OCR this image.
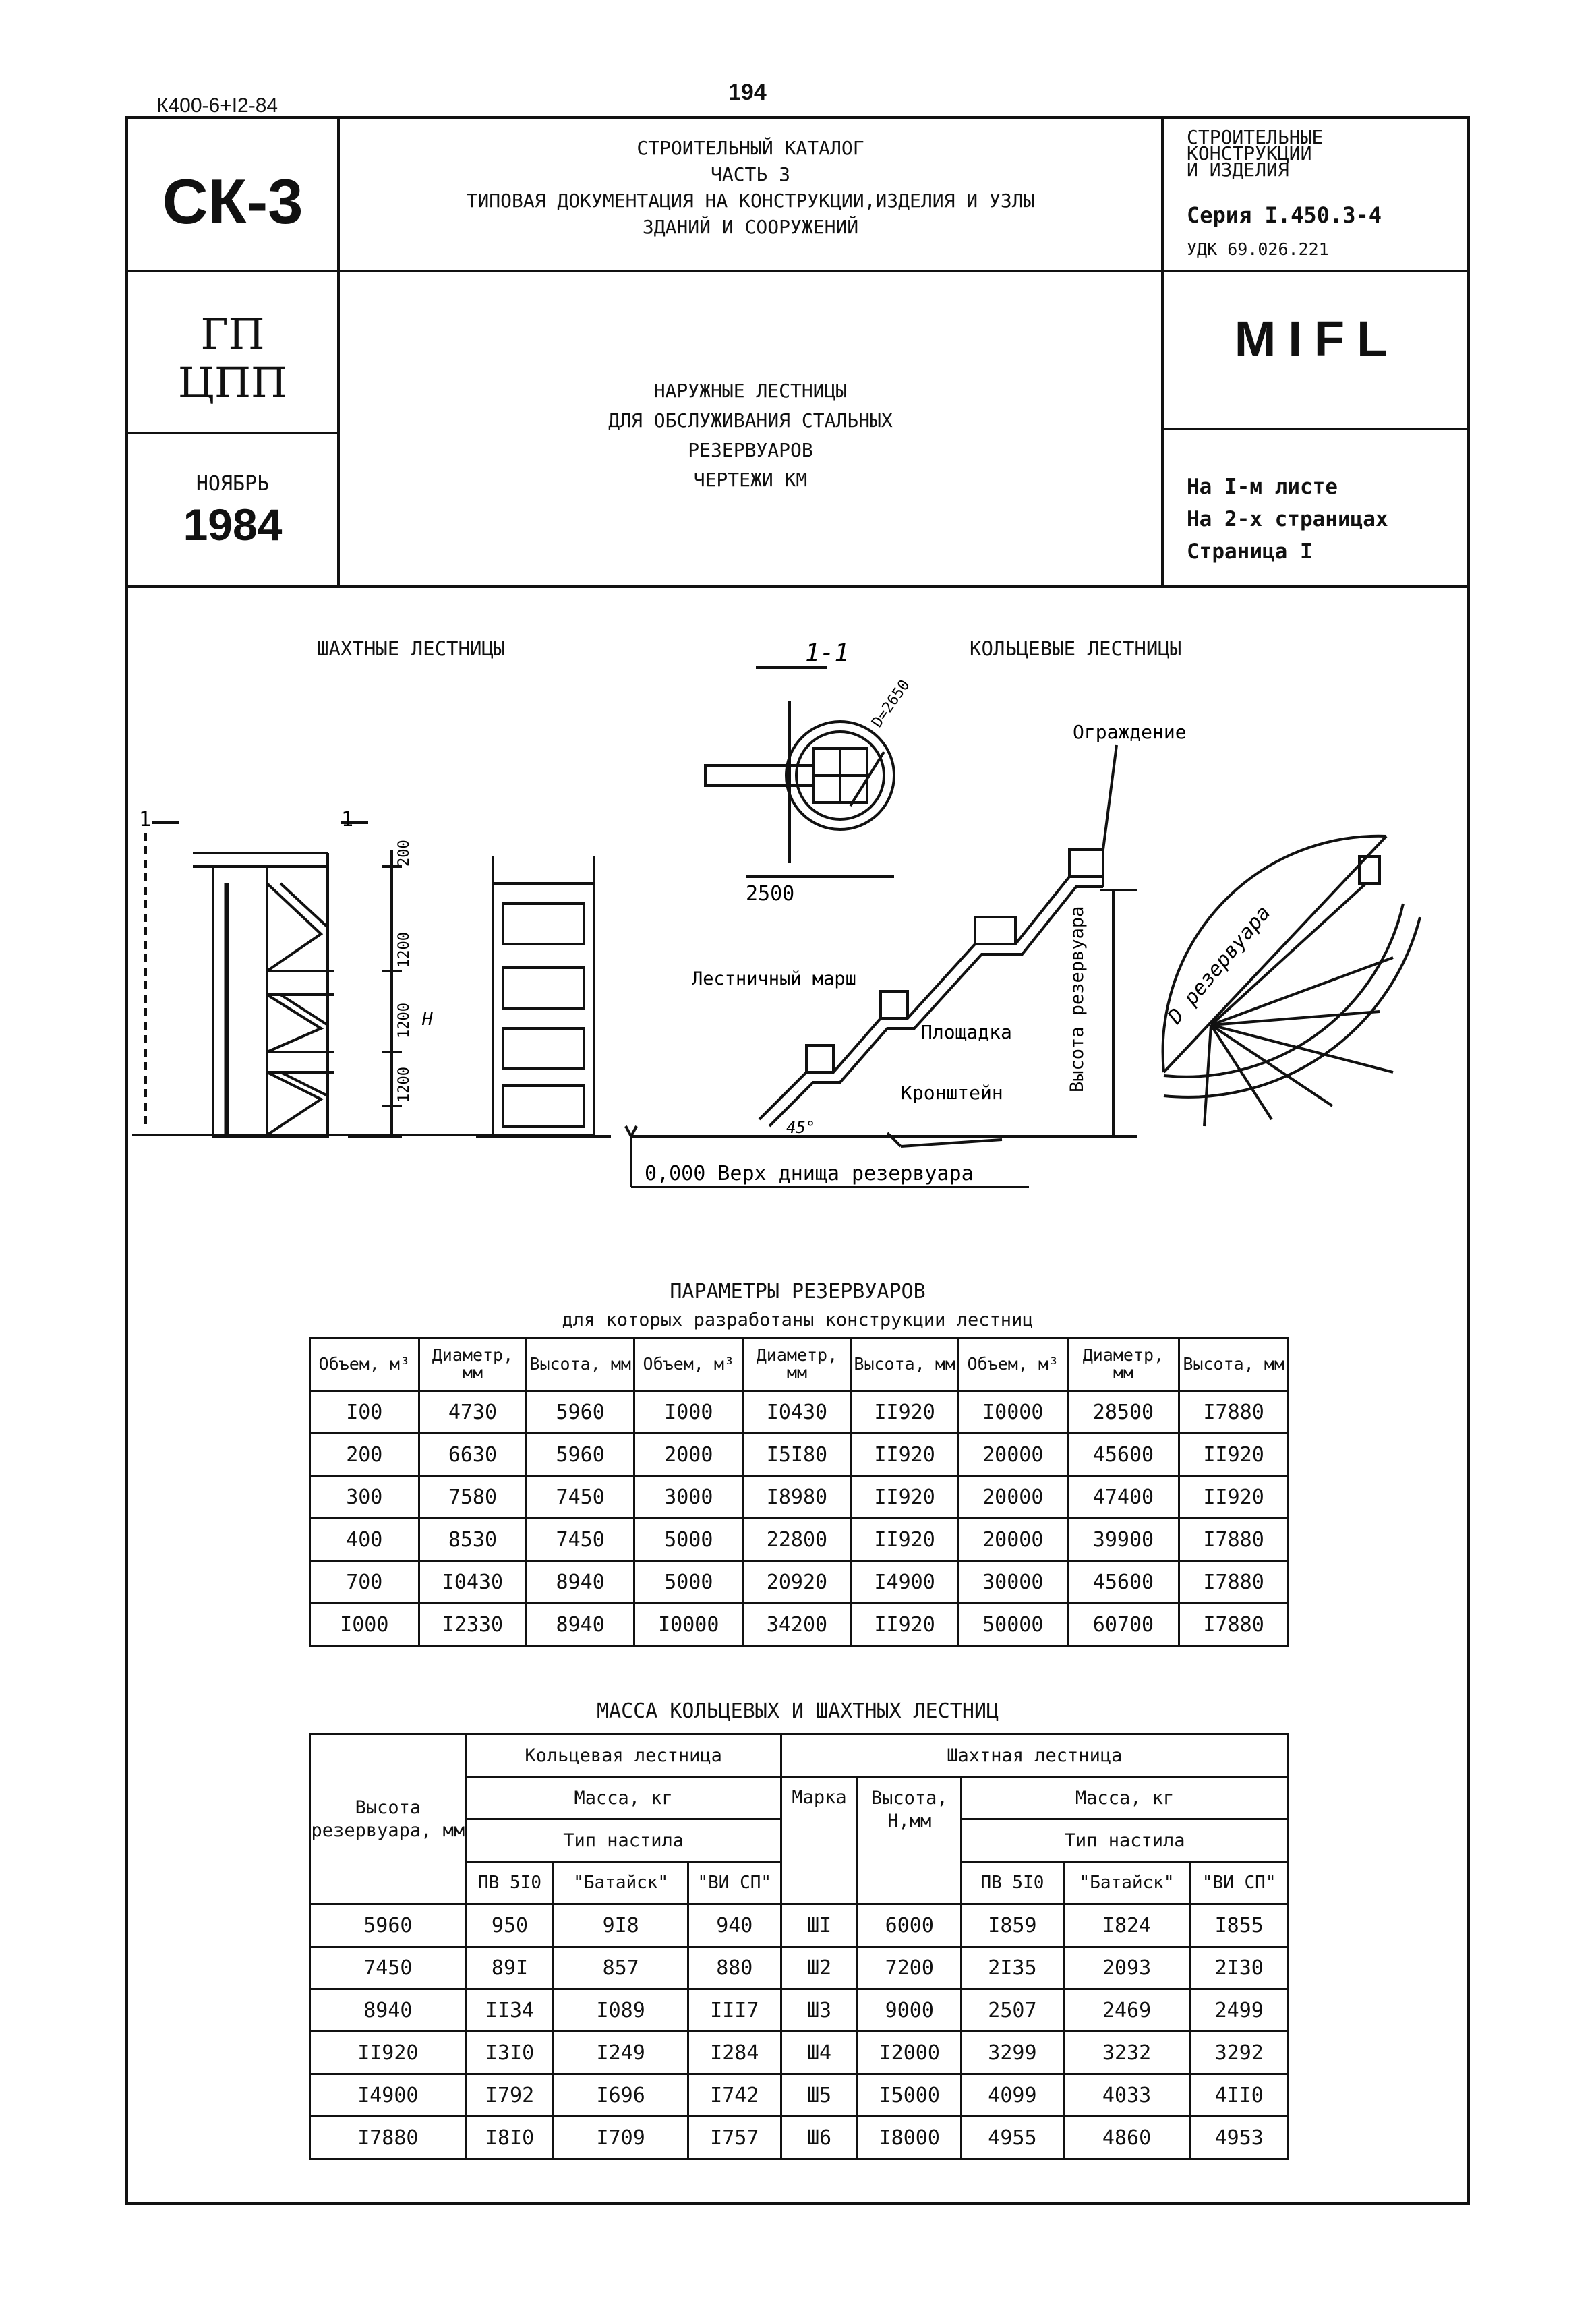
К400-6+I2-84
194
СК-3
СТРОИТЕЛЬНЫЙ КАТАЛОГ
ЧАСТЬ 3
ТИПОВАЯ ДОКУМЕНТАЦИЯ НА КОНСТРУКЦИИ,ИЗДЕЛИЯ И УЗЛЫ
ЗДАНИЙ И СООРУЖЕНИЙ
СТРОИТЕЛЬНЫЕ
КОНСТРУКЦИИ
И ИЗДЕЛИЯ
Серия I.450.3-4
УДК 69.026.221
ГП
ЦПП
НОЯБРЬ
1984
НАРУЖНЫЕ ЛЕСТНИЦЫ
ДЛЯ ОБСЛУЖИВАНИЯ СТАЛЬНЫХ
РЕЗЕРВУАРОВ
ЧЕРТЕЖИ КМ
MIFL
На I-м листе
На 2-х страницах
Страница I
ШАХТНЫЕ ЛЕСТНИЦЫ	КОЛЬЦЕВЫЕ ЛЕСТНИЦЫ
1-1
D=2650
2500
1	1
200
1200
1200
1200
H
Ограждение
Лестничный марш
Площадка
Кронштейн
45°
Высота резервуара	D резервуара
0,000 Верх днища резервуара
ПАРАМЕТРЫ РЕЗЕРВУАРОВ
для которых разработаны конструкции лестниц
Объем, м³	Диаметр, мм	Высота, мм	Объем, м³	Диаметр, мм	Высота, мм	Объем, м³	Диаметр, мм	Высота, мм
I00	4730	5960	I000	I0430	II920	I0000	28500	I7880
200	6630	5960	2000	I5I80	II920	20000	45600	II920
300	7580	7450	3000	I8980	II920	20000	47400	II920
400	8530	7450	5000	22800	II920	20000	39900	I7880
700	I0430	8940	5000	20920	I4900	30000	45600	I7880
I000	I2330	8940	I0000	34200	II920	50000	60700	I7880
МАССА КОЛЬЦЕВЫХ И ШАХТНЫХ ЛЕСТНИЦ
Высота резервуара, мм	Кольцевая лестница			Шахтная лестница				
	Масса, кг			Марка	Высота, Н,мм	Масса, кг		
	Тип настила					Тип настила		
	ПВ 5I0	"Батайск"	"ВИ СП"			ПВ 5I0	"Батайск"	"ВИ СП"
5960	950	9I8	940	ШI	6000	I859	I824	I855
7450	89I	857	880	Ш2	7200	2I35	2093	2I30
8940	II34	I089	III7	Ш3	9000	2507	2469	2499
II920	I3I0	I249	I284	Ш4	I2000	3299	3232	3292
I4900	I792	I696	I742	Ш5	I5000	4099	4033	4II0
I7880	I8I0	I709	I757	Ш6	I8000	4955	4860	4953
